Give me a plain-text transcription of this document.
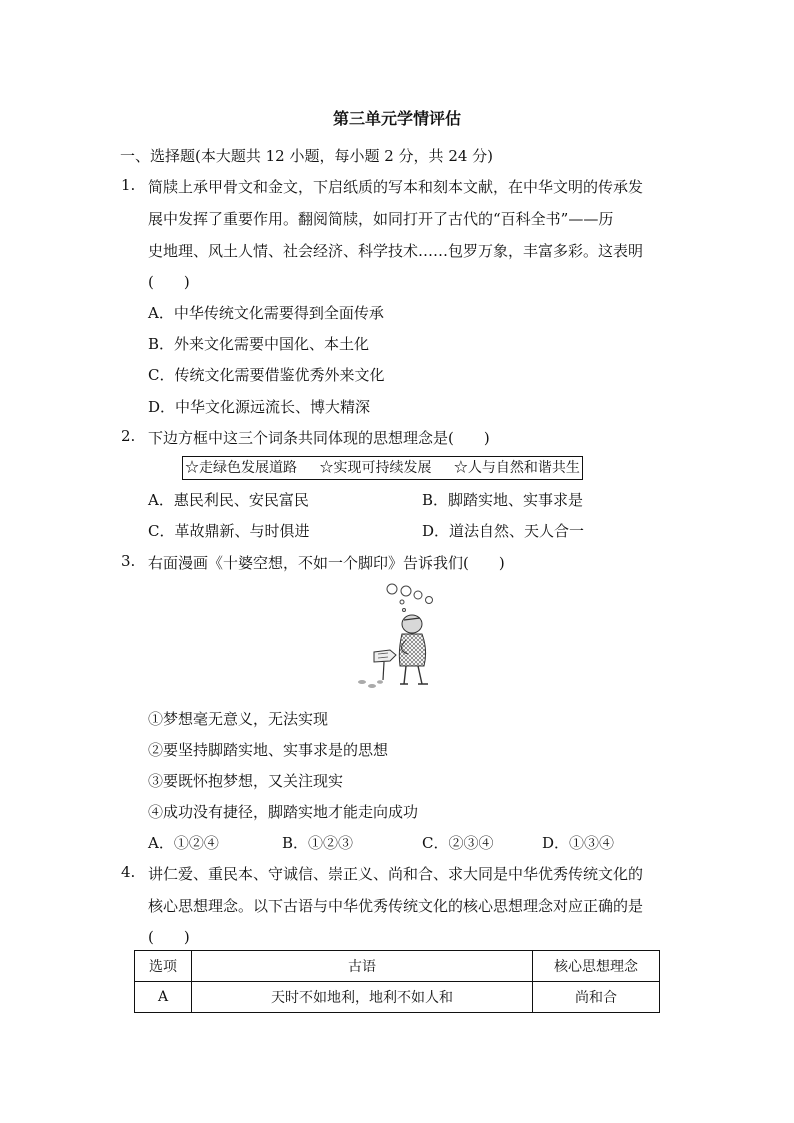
第三单元学情评估
一、选择题(本大题共 12 小题，每小题 2 分，共 24 分)
1. 简牍上承甲骨文和金文，下启纸质的写本和刻本文献，在中华文明的传承发
展中发挥了重要作用。翻阅简牍，如同打开了古代的“百科全书”——历
史地理、风土人情、社会经济、科学技术……包罗万象，丰富多彩。这表明
(　　)
A．中华传统文化需要得到全面传承
B．外来文化需要中国化、本土化
C．传统文化需要借鉴优秀外来文化
D．中华文化源远流长、博大精深
2. 下边方框中这三个词条共同体现的思想理念是(　　)
☆走绿色发展道路 ☆实现可持续发展 ☆人与自然和谐共生
A．惠民利民、安民富民	B．脚踏实地、实事求是
C．革故鼎新、与时俱进	D．道法自然、天人合一
3. 右面漫画《十婆空想，不如一个脚印》告诉我们(　　)
①梦想毫无意义，无法实现
②要坚持脚踏实地、实事求是的思想
③要既怀抱梦想，又关注现实
④成功没有捷径，脚踏实地才能走向成功
A．①②④	B．①②③	C．②③④	D．①③④
4. 讲仁爱、重民本、守诚信、崇正义、尚和合、求大同是中华优秀传统文化的
核心思想理念。以下古语与中华优秀传统文化的核心思想理念对应正确的是
(　　)
选项	古语	核心思想理念
A	天时不如地利，地利不如人和	尚和合
